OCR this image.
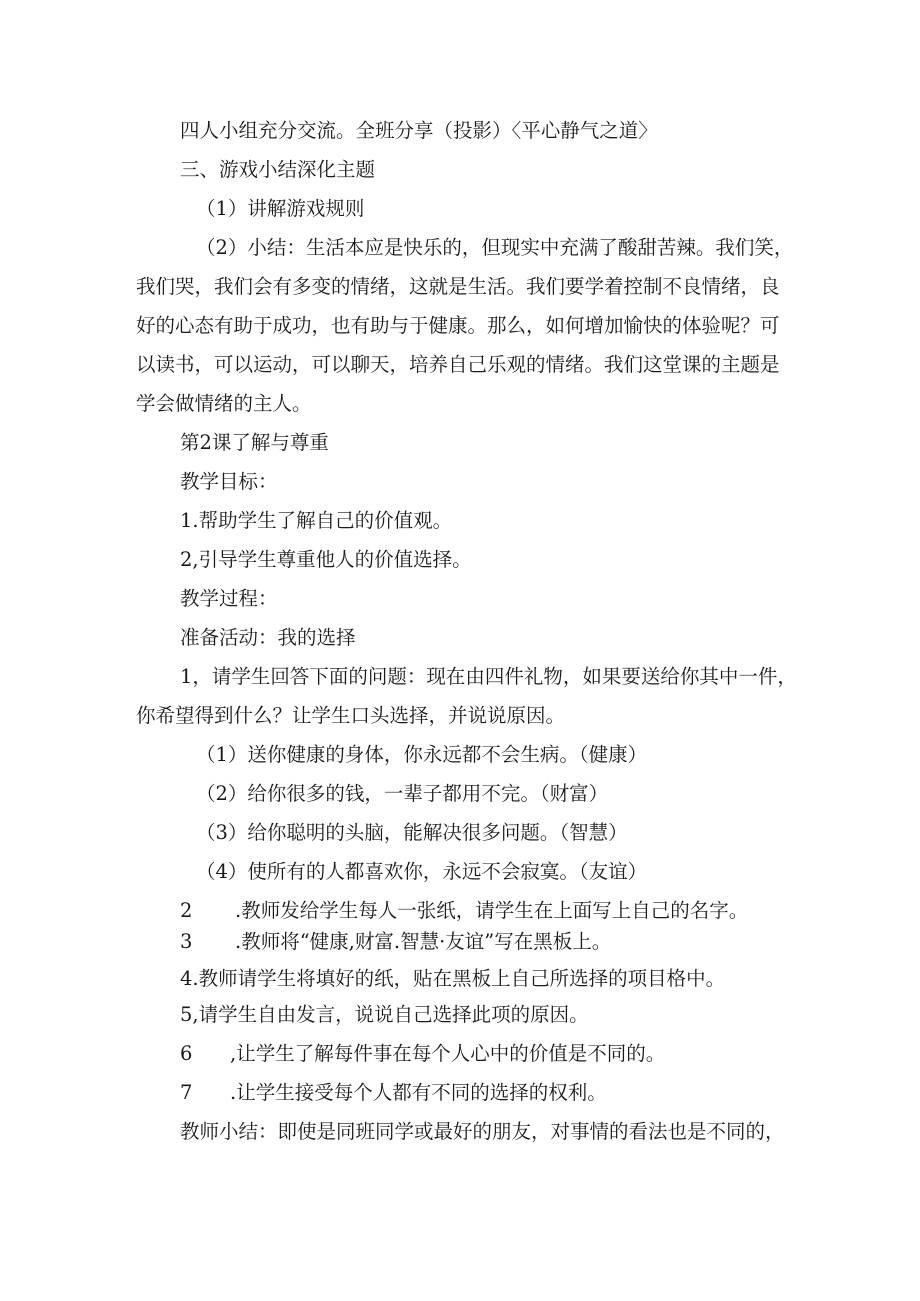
四人小组充分交流。全班分享（投影）〈平心静气之道〉
三、游戏小结深化主题
（1）讲解游戏规则
（2）小结：生活本应是快乐的，但现实中充满了酸甜苦辣。我们笑，
我们哭，我们会有多变的情绪，这就是生活。我们要学着控制不良情绪，良
好的心态有助于成功，也有助与于健康。那么，如何增加愉快的体验呢？可
以读书，可以运动，可以聊天，培养自己乐观的情绪。我们这堂课的主题是
学会做情绪的主人。
第2课了解与尊重
教学目标：
1.帮助学生了解自己的价值观。
2,引导学生尊重他人的价值选择。
教学过程：
准备活动：我的选择
1，请学生回答下面的问题：现在由四件礼物，如果要送给你其中一件，
你希望得到什么？让学生口头选择，并说说原因。
（1）送你健康的身体，你永远都不会生病。（健康）
（2）给你很多的钱，一辈子都用不完。（财富）
（3）给你聪明的头脑，能解决很多问题。（智慧）
（4）使所有的人都喜欢你，永远不会寂寞。（友谊）
2 .教师发给学生每人一张纸，请学生在上面写上自己的名字。
3 .教师将“健康,财富.智慧·友谊”写在黑板上。
4.教师请学生将填好的纸，贴在黑板上自己所选择的项目格中。
5,请学生自由发言，说说自己选择此项的原因。
6 ,让学生了解每件事在每个人心中的价值是不同的。
7 .让学生接受每个人都有不同的选择的权利。
教师小结：即使是同班同学或最好的朋友，对事情的看法也是不同的，
